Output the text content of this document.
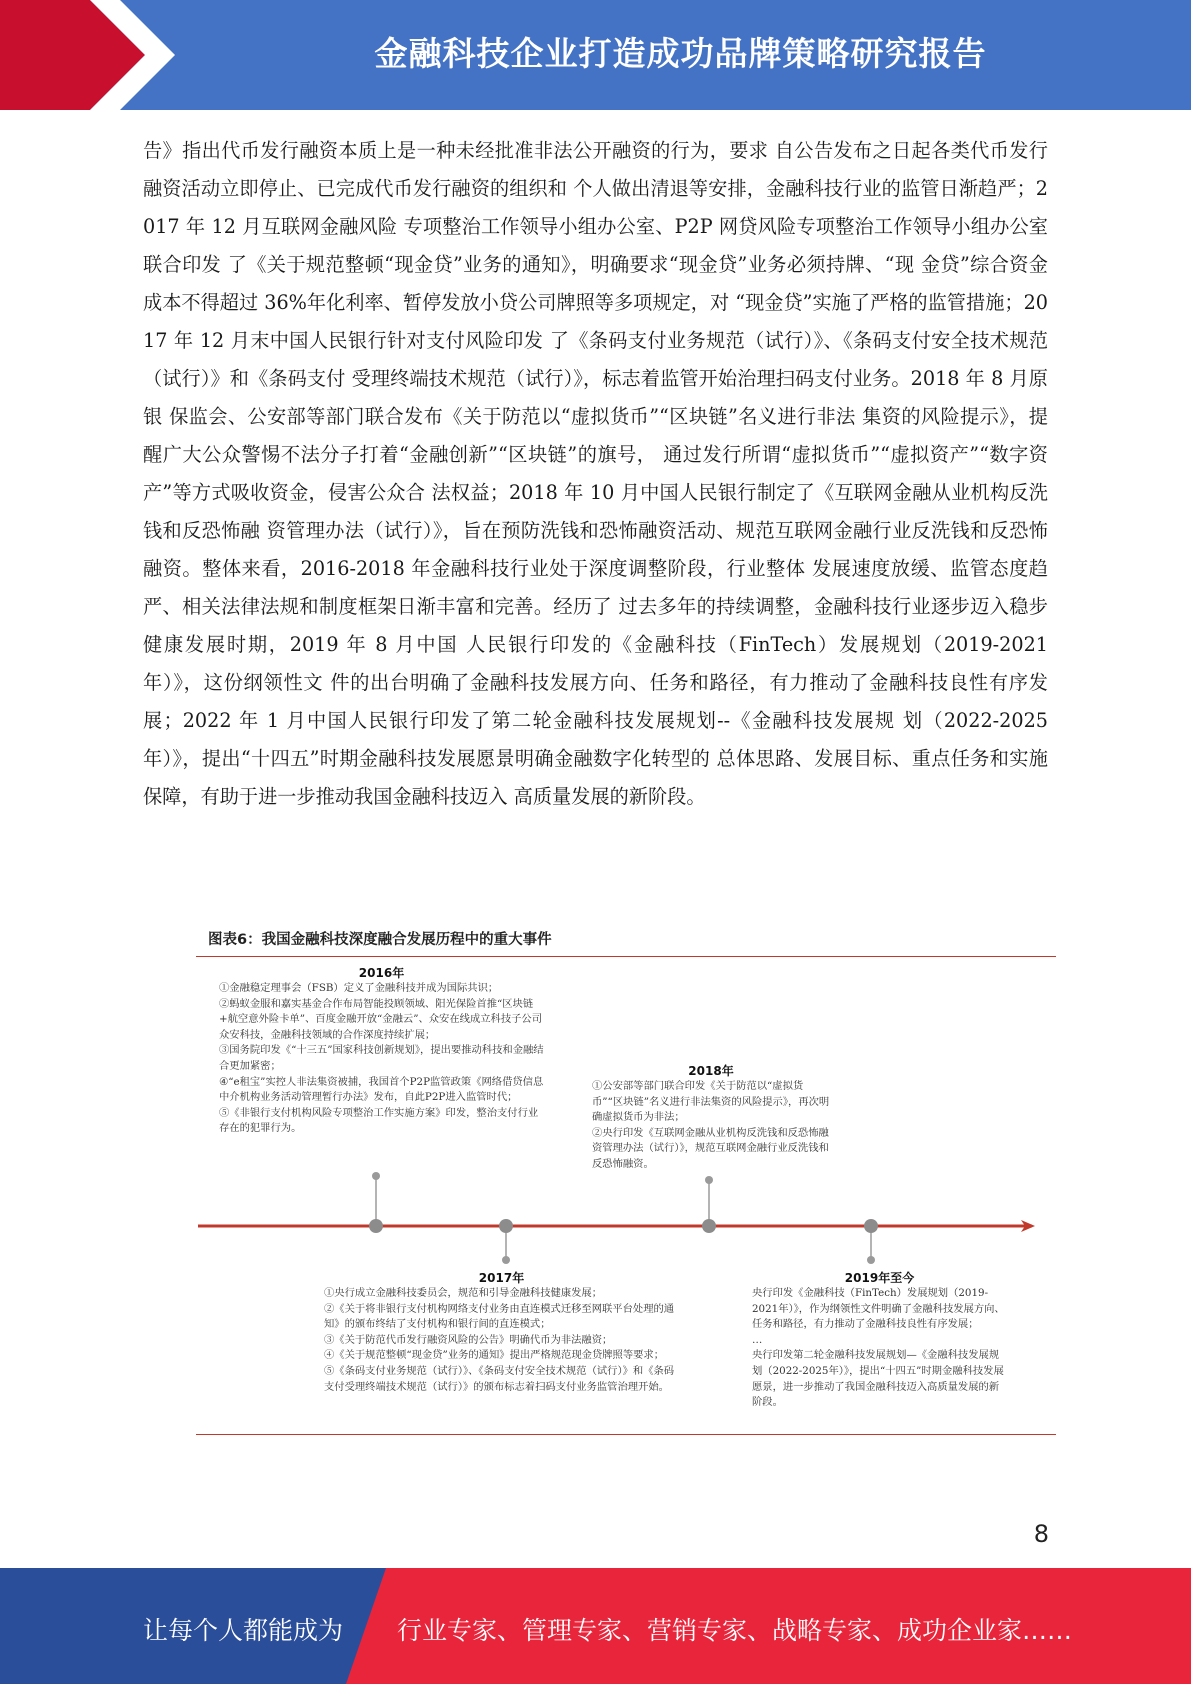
金融科技企业打造成功品牌策略研究报告

告》指出代币发行融资本质上是一种未经批准非法公开融资的行为，要求 自公告发布之日起各类代币发行融资活动立即停止、已完成代币发行融资的组织和 个人做出清退等安排，金融科技行业的监管日渐趋严；2017 年 12 月互联网金融风险 专项整治工作领导小组办公室、P2P 网贷风险专项整治工作领导小组办公室联合印发 了《关于规范整顿“现金贷”业务的通知》，明确要求“现金贷”业务必须持牌、“现 金贷”综合资金成本不得超过 36%年化利率、暂停发放小贷公司牌照等多项规定，对 “现金贷”实施了严格的监管措施；2017 年 12 月末中国人民银行针对支付风险印发 了《条码支付业务规范（试行）》、《条码支付安全技术规范（试行）》和《条码支付 受理终端技术规范（试行）》，标志着监管开始治理扫码支付业务。2018 年 8 月原银 保监会、公安部等部门联合发布《关于防范以“虚拟货币”“区块链”名义进行非法 集资的风险提示》，提醒广大公众警惕不法分子打着“金融创新”“区块链”的旗号， 通过发行所谓“虚拟货币”“虚拟资产”“数字资产”等方式吸收资金，侵害公众合 法权益；2018 年 10 月中国人民银行制定了《互联网金融从业机构反洗钱和反恐怖融 资管理办法（试行）》，旨在预防洗钱和恐怖融资活动、规范互联网金融行业反洗钱和反恐怖融资。整体来看，2016-2018 年金融科技行业处于深度调整阶段，行业整体 发展速度放缓、监管态度趋严、相关法律法规和制度框架日渐丰富和完善。经历了 过去多年的持续调整，金融科技行业逐步迈入稳步健康发展时期，2019 年 8 月中国 人民银行印发的《金融科技（FinTech）发展规划（2019-2021 年）》，这份纲领性文 件的出台明确了金融科技发展方向、任务和路径，有力推动了金融科技良性有序发 展；2022 年 1 月中国人民银行印发了第二轮金融科技发展规划--《金融科技发展规 划（2022-2025 年）》，提出“十四五”时期金融科技发展愿景明确金融数字化转型的 总体思路、发展目标、重点任务和实施保障，有助于进一步推动我国金融科技迈入 高质量发展的新阶段。

图表6：我国金融科技深度融合发展历程中的重大事件
2016年

①金融稳定理事会（FSB）定义了金融科技并成为国际共识；

②蚂蚁金服和嘉实基金合作布局智能投顾领域、阳光保险首推“区块链+航空意外险卡单”、百度金融开放“金融云”、众安在线成立科技子公司众安科技，金融科技领域的合作深度持续扩展；

③国务院印发《“十三五”国家科技创新规划》，提出要推动科技和金融结合更加紧密；

④“e租宝”实控人非法集资被捕，我国首个P2P监管政策《网络借贷信息中介机构业务活动管理暂行办法》发布，自此P2P进入监管时代；

⑤《非银行支付机构风险专项整治工作实施方案》印发，整治支付行业存在的犯罪行为。

2018年

①公安部等部门联合印发《关于防范以“虚拟货币”“区块链”名义进行非法集资的风险提示》，再次明确虚拟货币为非法；

②央行印发《互联网金融从业机构反洗钱和反恐怖融资管理办法（试行）》，规范互联网金融行业反洗钱和反恐怖融资。

2017年

①央行成立金融科技委员会，规范和引导金融科技健康发展；

②《关于将非银行支付机构网络支付业务由直连模式迁移至网联平台处理的通知》的颁布终结了支付机构和银行间的直连模式；

③《关于防范代币发行融资风险的公告》明确代币为非法融资；

④《关于规范整顿“现金贷”业务的通知》提出严格规范现金贷牌照等要求；

⑤《条码支付业务规范（试行）》、《条码支付安全技术规范（试行）》和《条码支付受理终端技术规范（试行）》的颁布标志着扫码支付业务监管治理开始。

2019年至今

央行印发《金融科技（FinTech）发展规划（2019-2021年）》，作为纲领性文件明确了金融科技发展方向、任务和路径，有力推动了金融科技良性有序发展；

…

央行印发第二轮金融科技发展规划—《金融科技发展规划（2022-2025年）》，提出“十四五”时期金融科技发展愿景，进一步推动了我国金融科技迈入高质量发展的新阶段。

8
让每个人都能成为 行业专家、管理专家、营销专家、战略专家、成功企业家……
